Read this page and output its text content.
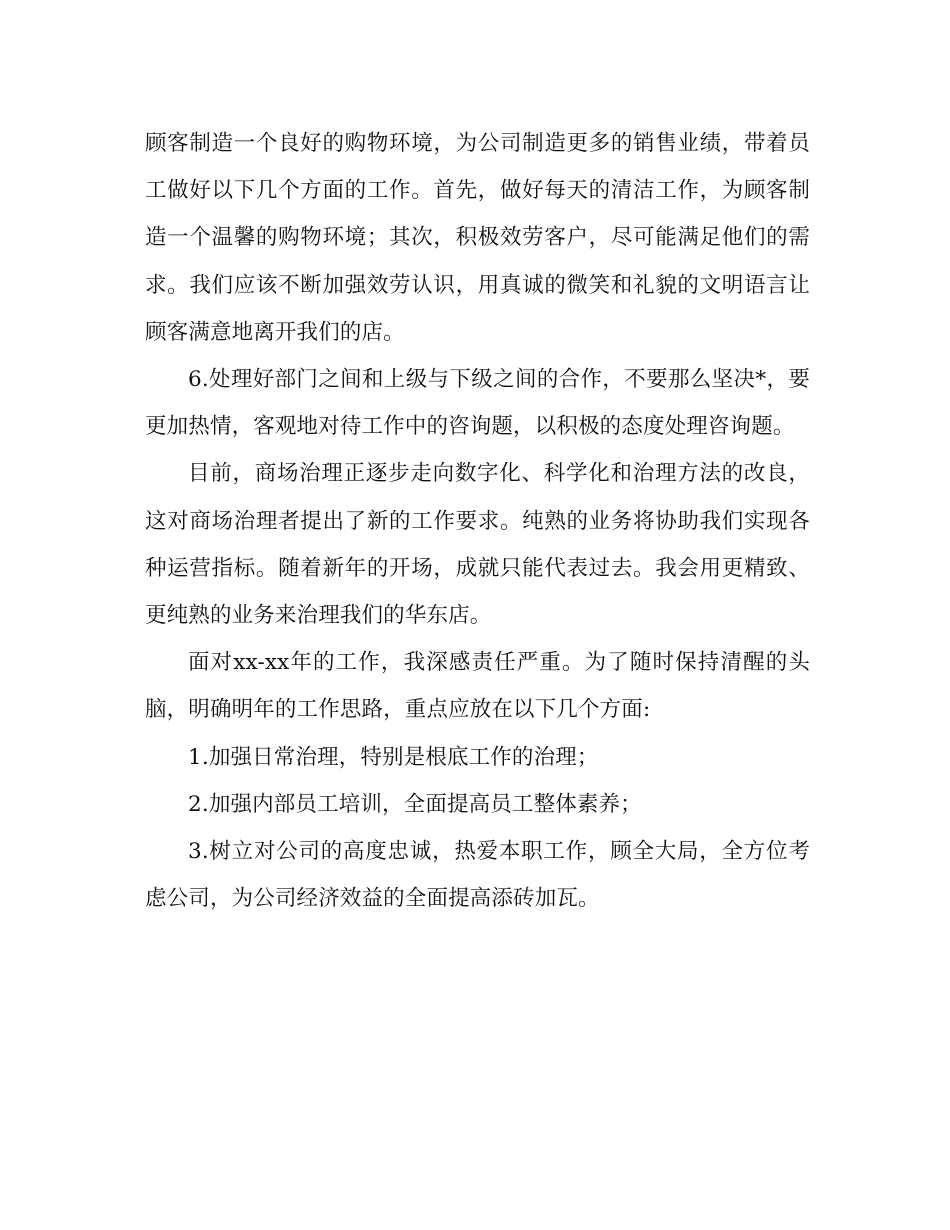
顾客制造一个良好的购物环境，为公司制造更多的销售业绩，带着员工做好以下几个方面的工作。首先，做好每天的清洁工作，为顾客制造一个温馨的购物环境；其次，积极效劳客户，尽可能满足他们的需求。我们应该不断加强效劳认识，用真诚的微笑和礼貌的文明语言让顾客满意地离开我们的店。

6.处理好部门之间和上级与下级之间的合作，不要那么坚决*，要更加热情，客观地对待工作中的咨询题，以积极的态度处理咨询题。

目前，商场治理正逐步走向数字化、科学化和治理方法的改良，这对商场治理者提出了新的工作要求。纯熟的业务将协助我们实现各种运营指标。随着新年的开场，成就只能代表过去。我会用更精致、更纯熟的业务来治理我们的华东店。

面对xx-xx年的工作，我深感责任严重。为了随时保持清醒的头脑，明确明年的工作思路，重点应放在以下几个方面:

1.加强日常治理，特别是根底工作的治理；

2.加强内部员工培训，全面提高员工整体素养；

3.树立对公司的高度忠诚，热爱本职工作，顾全大局，全方位考虑公司，为公司经济效益的全面提高添砖加瓦。
